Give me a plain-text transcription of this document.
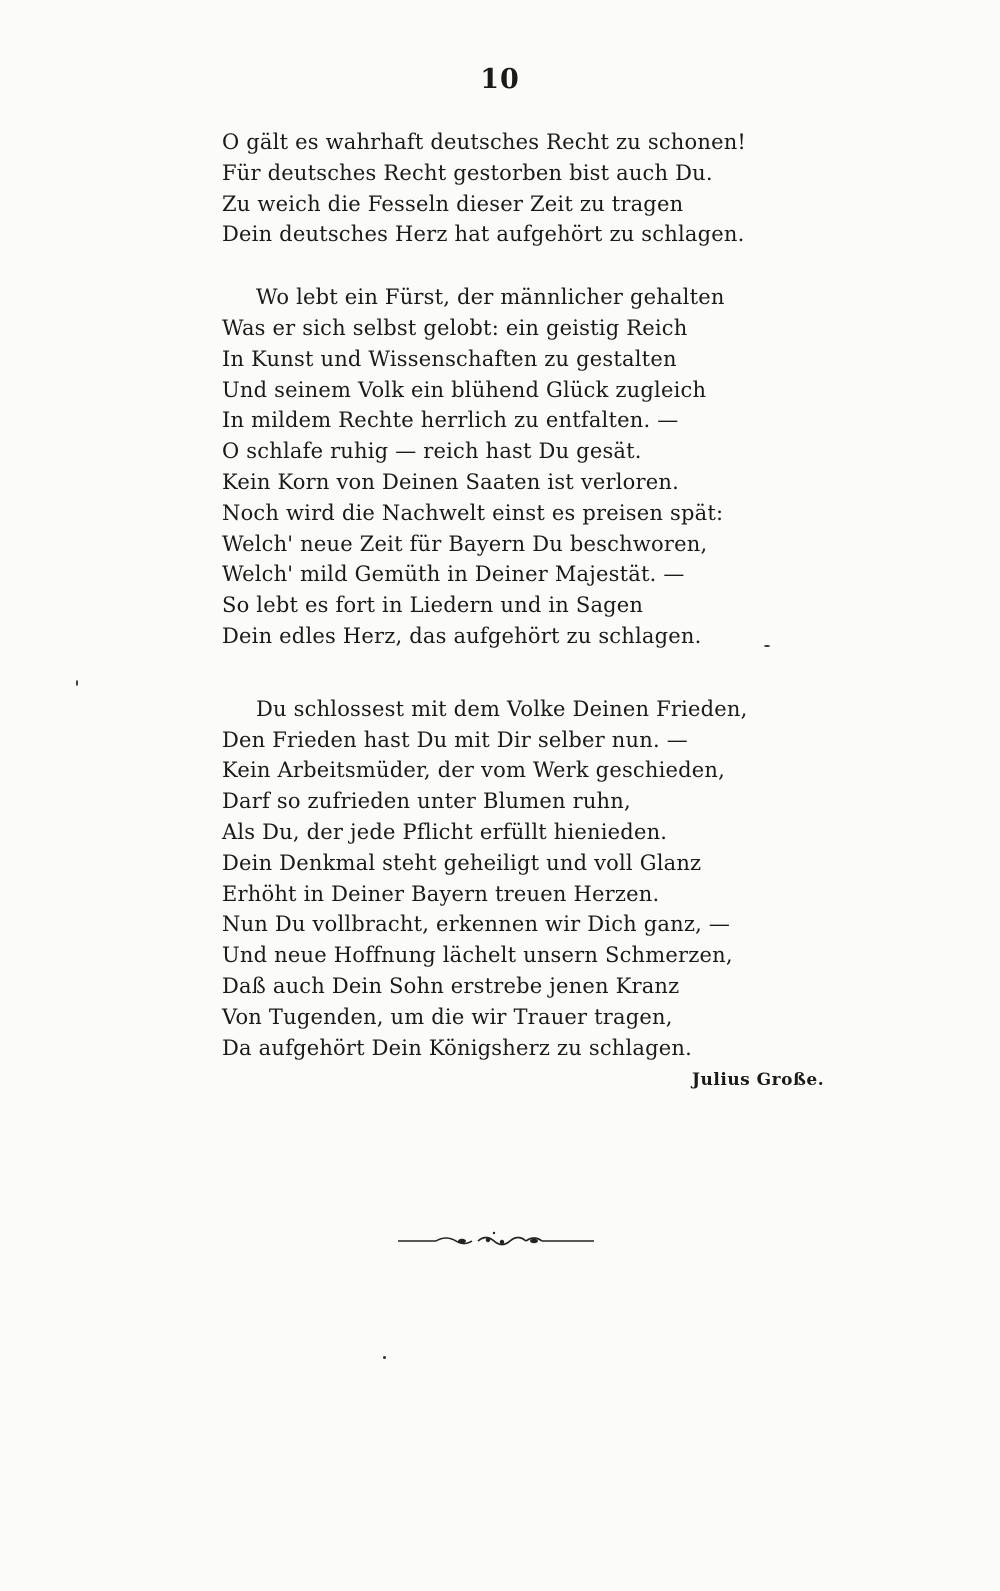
10
O gält es wahrhaft deutsches Recht zu schonen!
Für deutsches Recht gestorben bist auch Du.
Zu weich die Fesseln dieser Zeit zu tragen
Dein deutsches Herz hat aufgehört zu schlagen.
Wo lebt ein Fürst, der männlicher gehalten
Was er sich selbst gelobt: ein geistig Reich
In Kunst und Wissenschaften zu gestalten
Und seinem Volk ein blühend Glück zugleich
In mildem Rechte herrlich zu entfalten. —
O schlafe ruhig — reich hast Du gesät.
Kein Korn von Deinen Saaten ist verloren.
Noch wird die Nachwelt einst es preisen spät:
Welch' neue Zeit für Bayern Du beschworen,
Welch' mild Gemüth in Deiner Majestät. —
So lebt es fort in Liedern und in Sagen
Dein edles Herz, das aufgehört zu schlagen.
Du schlossest mit dem Volke Deinen Frieden,
Den Frieden hast Du mit Dir selber nun. —
Kein Arbeitsmüder, der vom Werk geschieden,
Darf so zufrieden unter Blumen ruhn,
Als Du, der jede Pflicht erfüllt hienieden.
Dein Denkmal steht geheiligt und voll Glanz
Erhöht in Deiner Bayern treuen Herzen.
Nun Du vollbracht, erkennen wir Dich ganz, —
Und neue Hoffnung lächelt unsern Schmerzen,
Daß auch Dein Sohn erstrebe jenen Kranz
Von Tugenden, um die wir Trauer tragen,
Da aufgehört Dein Königsherz zu schlagen.
Julius Große.
